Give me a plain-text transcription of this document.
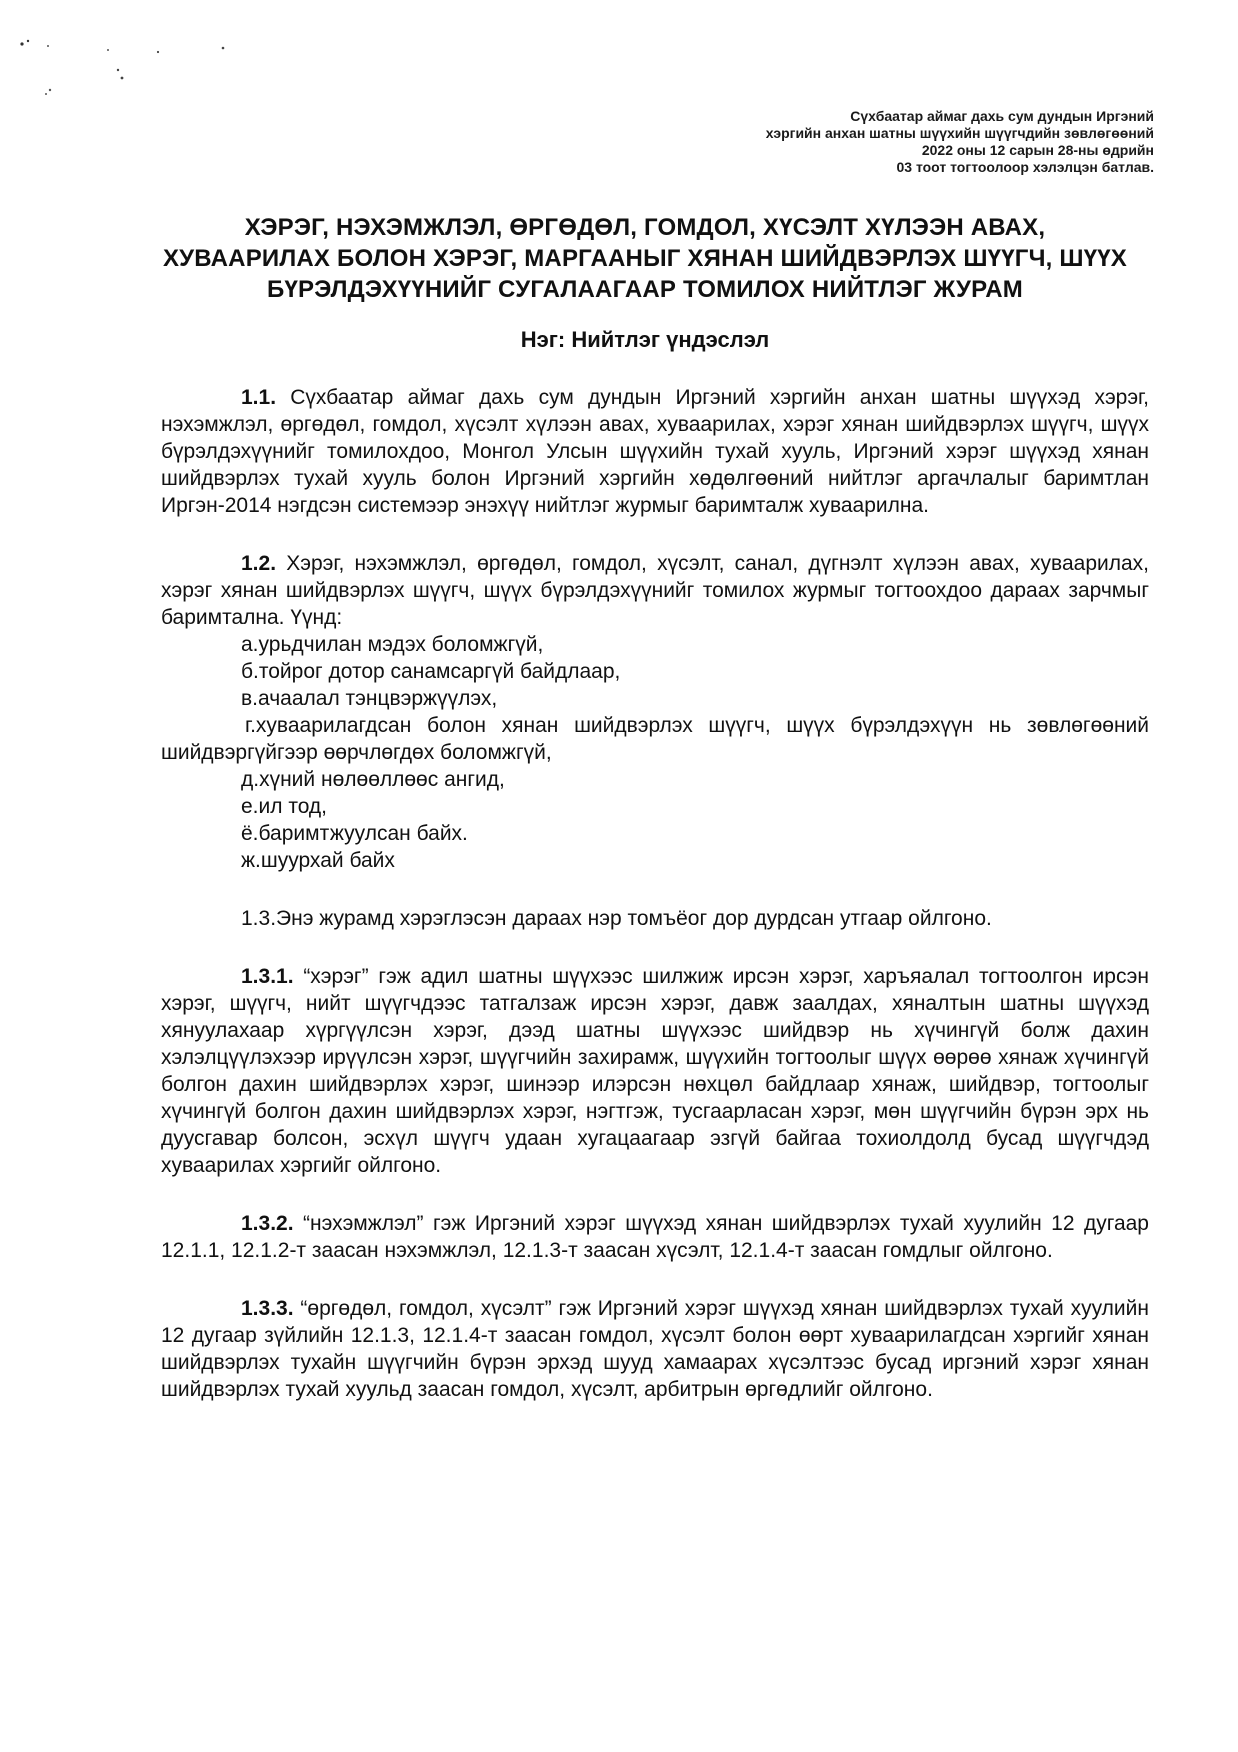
Сүхбаатар аймаг дахь сум дундын Иргэний
хэргийн анхан шатны шүүхийн шүүгчдийн зөвлөгөөний
2022 оны 12 сарын 28-ны өдрийн
03 тоот тогтоолоор хэлэлцэн батлав.
ХЭРЭГ, НЭХЭМЖЛЭЛ, ӨРГӨДӨЛ, ГОМДОЛ, ХҮСЭЛТ ХҮЛЭЭН АВАХ,
ХУВААРИЛАХ БОЛОН ХЭРЭГ, МАРГААНЫГ ХЯНАН ШИЙДВЭРЛЭХ ШҮҮГЧ, ШҮҮХ
БҮРЭЛДЭХҮҮНИЙГ СУГАЛААГААР ТОМИЛОХ НИЙТЛЭГ ЖУРАМ
Нэг: Нийтлэг үндэслэл

1.1. Сүхбаатар аймаг дахь сум дундын Иргэний хэргийн анхан шатны шүүхэд хэрэг, нэхэмжлэл, өргөдөл, гомдол, хүсэлт хүлээн авах, хуваарилах, хэрэг хянан шийдвэрлэх шүүгч, шүүх бүрэлдэхүүнийг томилохдоо, Монгол Улсын шүүхийн тухай хууль, Иргэний хэрэг шүүхэд хянан шийдвэрлэх тухай хууль болон Иргэний хэргийн хөдөлгөөний нийтлэг аргачлалыг баримтлан Иргэн-2014 нэгдсэн системээр энэхүү нийтлэг журмыг баримталж хуваарилна.

1.2. Хэрэг, нэхэмжлэл, өргөдөл, гомдол, хүсэлт, санал, дүгнэлт хүлээн авах, хуваарилах, хэрэг хянан шийдвэрлэх шүүгч, шүүх бүрэлдэхүүнийг томилох журмыг тогтоохдоо дараах зарчмыг баримтална. Үүнд:

а.урьдчилан мэдэх боломжгүй,

б.тойрог дотор санамсаргүй байдлаар,

в.ачаалал тэнцвэржүүлэх,

г.хуваарилагдсан болон хянан шийдвэрлэх шүүгч, шүүх бүрэлдэхүүн нь зөвлөгөөний шийдвэргүйгээр өөрчлөгдөх боломжгүй,

д.хүний нөлөөллөөс ангид,

е.ил тод,

ё.баримтжуулсан байх.

ж.шуурхай байх

1.3.Энэ журамд хэрэглэсэн дараах нэр томъёог дор дурдсан утгаар ойлгоно.

1.3.1. “хэрэг” гэж адил шатны шүүхээс шилжиж ирсэн хэрэг, харъяалал тогтоолгон ирсэн хэрэг, шүүгч, нийт шүүгчдээс татгалзаж ирсэн хэрэг, давж заалдах, хяналтын шатны шүүхэд хянуулахаар хүргүүлсэн хэрэг, дээд шатны шүүхээс шийдвэр нь хүчингүй болж дахин хэлэлцүүлэхээр ирүүлсэн хэрэг, шүүгчийн захирамж, шүүхийн тогтоолыг шүүх өөрөө хянаж хүчингүй болгон дахин шийдвэрлэх хэрэг, шинээр илэрсэн нөхцөл байдлаар хянаж, шийдвэр, тогтоолыг хүчингүй болгон дахин шийдвэрлэх хэрэг, нэгтгэж, тусгаарласан хэрэг, мөн шүүгчийн бүрэн эрх нь дуусгавар болсон, эсхүл шүүгч удаан хугацаагаар эзгүй байгаа тохиолдолд бусад шүүгчдэд хуваарилах хэргийг ойлгоно.

1.3.2. “нэхэмжлэл” гэж Иргэний хэрэг шүүхэд хянан шийдвэрлэх тухай хуулийн 12 дугаар 12.1.1, 12.1.2-т заасан нэхэмжлэл, 12.1.3-т заасан хүсэлт, 12.1.4-т заасан гомдлыг ойлгоно.

1.3.3. “өргөдөл, гомдол, хүсэлт” гэж Иргэний хэрэг шүүхэд хянан шийдвэрлэх тухай хуулийн 12 дугаар зүйлийн 12.1.3, 12.1.4-т заасан гомдол, хүсэлт болон өөрт хуваарилагдсан хэргийг хянан шийдвэрлэх тухайн шүүгчийн бүрэн эрхэд шууд хамаарах хүсэлтээс бусад иргэний хэрэг хянан шийдвэрлэх тухай хуульд заасан гомдол, хүсэлт, арбитрын өргөдлийг ойлгоно.
